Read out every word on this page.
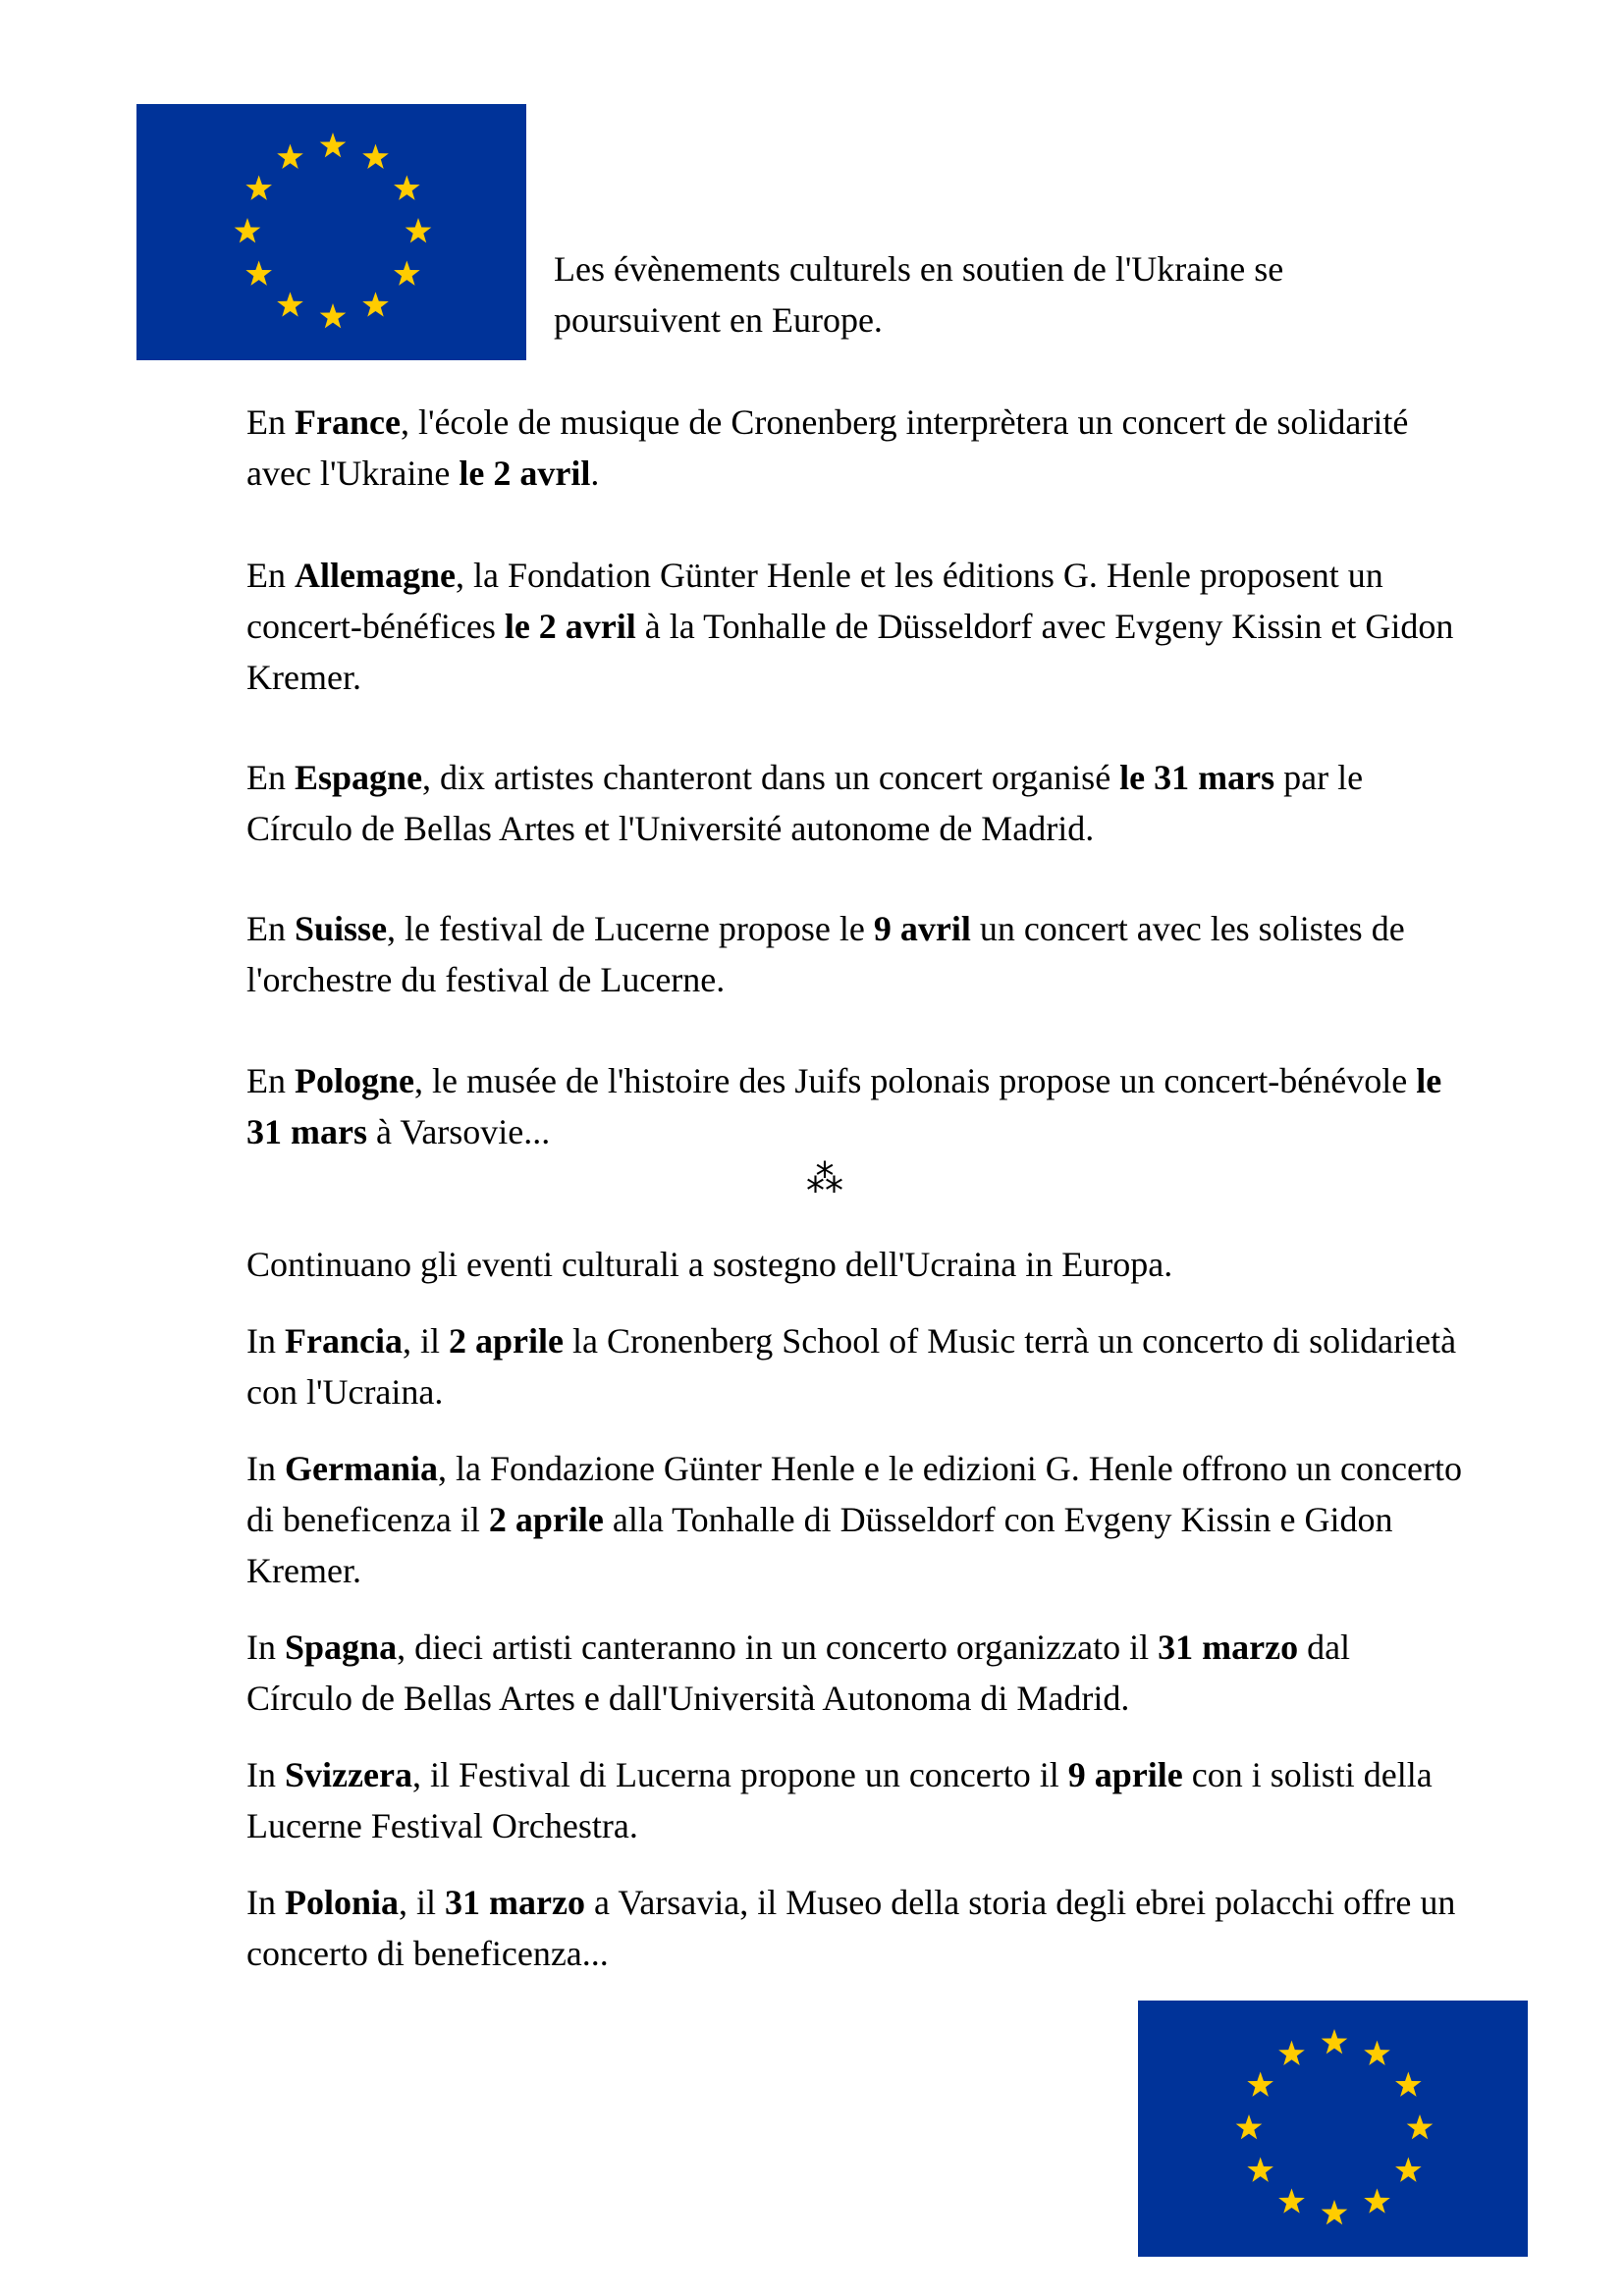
Les évènements culturels en soutien de l'Ukraine se
poursuivent en Europe.

En France, l'école de musique de Cronenberg interprètera un concert de solidarité avec l'Ukraine le 2 avril.

En Allemagne, la Fondation Günter Henle et les éditions G. Henle proposent un concert-bénéfices le 2 avril à la Tonhalle de Düsseldorf avec Evgeny Kissin et Gidon Kremer.

En Espagne, dix artistes chanteront dans un concert organisé le 31 mars par le Círculo de Bellas Artes et l'Université autonome de Madrid.

En Suisse, le festival de Lucerne propose le 9 avril un concert avec les solistes de l'orchestre du festival de Lucerne.

En Pologne, le musée de l'histoire des Juifs polonais propose un concert-bénévole le 31 mars à Varsovie...

⁂

Continuano gli eventi culturali a sostegno dell'Ucraina in Europa.

In Francia, il 2 aprile la Cronenberg School of Music terrà un concerto di solidarietà con l'Ucraina.

In Germania, la Fondazione Günter Henle e le edizioni G. Henle offrono un concerto di beneficenza il 2 aprile alla Tonhalle di Düsseldorf con Evgeny Kissin e Gidon Kremer.

In Spagna, dieci artisti canteranno in un concerto organizzato il 31 marzo dal Círculo de Bellas Artes e dall'Università Autonoma di Madrid.

In Svizzera, il Festival di Lucerna propone un concerto il 9 aprile con i solisti della Lucerne Festival Orchestra.

In Polonia, il 31 marzo a Varsavia, il Museo della storia degli ebrei polacchi offre un concerto di beneficenza...
